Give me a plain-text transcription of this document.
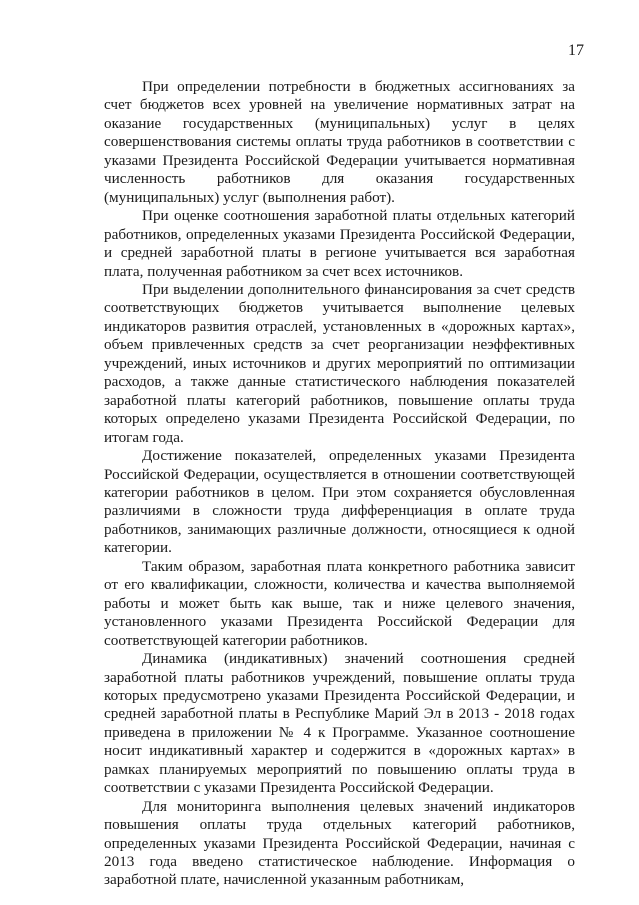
17

При определении потребности в бюджетных ассигнованиях за счет бюджетов всех уровней на увеличение нормативных затрат на оказание государственных (муниципальных) услуг в целях совершенствования системы оплаты труда работников в соответствии с указами Президента Российской Федерации учитывается нормативная численность работников для оказания государственных (муниципальных) услуг (выполнения работ).

При оценке соотношения заработной платы отдельных категорий работников, определенных указами Президента Российской Федерации, и средней заработной платы в регионе учитывается вся заработная плата, полученная работником за счет всех источников.

При выделении дополнительного финансирования за счет средств соответствующих бюджетов учитывается выполнение целевых индикаторов развития отраслей, установленных в «дорожных картах», объем привлеченных средств за счет реорганизации неэффективных учреждений, иных источников и других мероприятий по оптимизации расходов, а также данные статистического наблюдения показателей заработной платы категорий работников, повышение оплаты труда которых определено указами Президента Российской Федерации, по итогам года.

Достижение показателей, определенных указами Президента Российской Федерации, осуществляется в отношении соответствующей категории работников в целом. При этом сохраняется обусловленная различиями в сложности труда дифференциация в оплате труда работников, занимающих различные должности, относящиеся к одной категории.

Таким образом, заработная плата конкретного работника зависит от его квалификации, сложности, количества и качества выполняемой работы и может быть как выше, так и ниже целевого значения, установленного указами Президента Российской Федерации для соответствующей категории работников.

Динамика (индикативных) значений соотношения средней заработной платы работников учреждений, повышение оплаты труда которых предусмотрено указами Президента Российской Федерации, и средней заработной платы в Республике Марий Эл в 2013 - 2018 годах приведена в приложении № 4 к Программе. Указанное соотношение носит индикативный характер и содержится в «дорожных картах» в рамках планируемых мероприятий по повышению оплаты труда в соответствии с указами Президента Российской Федерации.

Для мониторинга выполнения целевых значений индикаторов повышения оплаты труда отдельных категорий работников, определенных указами Президента Российской Федерации, начиная с 2013 года введено статистическое наблюдение. Информация о заработной плате, начисленной указанным работникам,
